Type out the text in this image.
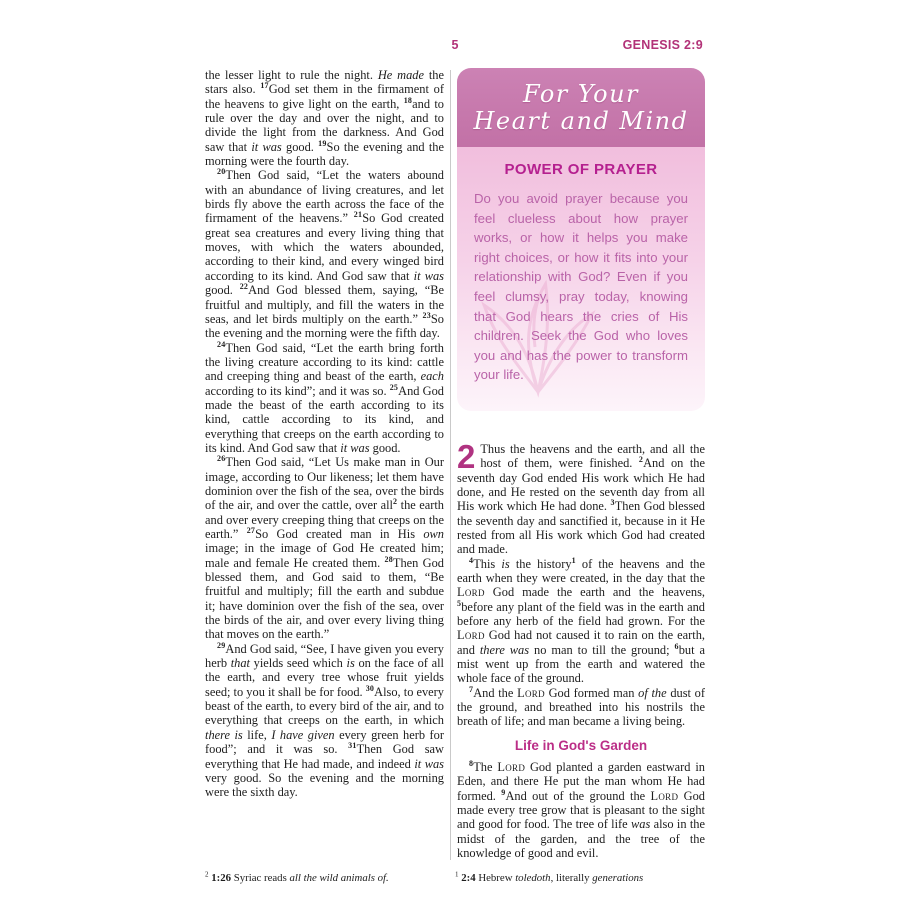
5	GENESIS 2:9

the lesser light to rule the night. He made the stars also. $^{17}$God set them in the firmament of the heavens to give light on the earth, $^{18}$and to rule over the day and over the night, and to divide the light from the darkness. And God saw that it was good. $^{19}$So the evening and the morning were the fourth day.

$^{20}$Then God said, “Let the waters abound with an abundance of living creatures, and let birds fly above the earth across the face of the firmament of the heavens.” $^{21}$So God created great sea creatures and every living thing that moves, with which the waters abounded, according to their kind, and every winged bird according to its kind. And God saw that it was good. $^{22}$And God blessed them, saying, “Be fruitful and multiply, and fill the waters in the seas, and let birds multiply on the earth.” $^{23}$So the evening and the morning were the fifth day.

$^{24}$Then God said, “Let the earth bring forth the living creature according to its kind: cattle and creeping thing and beast of the earth, each according to its kind”; and it was so. $^{25}$And God made the beast of the earth according to its kind, cattle according to its kind, and everything that creeps on the earth according to its kind. And God saw that it was good.

$^{26}$Then God said, “Let Us make man in Our image, according to Our likeness; let them have dominion over the fish of the sea, over the birds of the air, and over the cattle, over all$^2$ the earth and over every creeping thing that creeps on the earth.” $^{27}$So God created man in His own image; in the image of God He created him; male and female He created them. $^{28}$Then God blessed them, and God said to them, “Be fruitful and multiply; fill the earth and subdue it; have dominion over the fish of the sea, over the birds of the air, and over every living thing that moves on the earth.”

$^{29}$And God said, “See, I have given you every herb that yields seed which is on the face of all the earth, and every tree whose fruit yields seed; to you it shall be for food. $^{30}$Also, to every beast of the earth, to every bird of the air, and to everything that creeps on the earth, in which there is life, I have given every green herb for food”; and it was so. $^{31}$Then God saw everything that He had made, and indeed it was very good. So the evening and the morning were the sixth day.

For Your
Heart and Mind
POWER OF PRAYER
Do you avoid prayer because you feel clueless about how prayer works, or how it helps you make right choices, or how it fits into your relationship with God? Even if you feel clumsy, pray today, knowing that God hears the cries of His children. Seek the God who loves you and has the power to transform your life.

2 Thus the heavens and the earth, and all the host of them, were finished. $^2$And on the seventh day God ended His work which He had done, and He rested on the seventh day from all His work which He had done. $^3$Then God blessed the seventh day and sanctified it, because in it He rested from all His work which God had created and made.

$^4$This is the history$^1$ of the heavens and the earth when they were created, in the day that the Lord God made the earth and the heavens, $^5$before any plant of the field was in the earth and before any herb of the field had grown. For the Lord God had not caused it to rain on the earth, and there was no man to till the ground; $^6$but a mist went up from the earth and watered the whole face of the ground.

$^7$And the Lord God formed man of the dust of the ground, and breathed into his nostrils the breath of life; and man became a living being.

Life in God's Garden

$^8$The Lord God planted a garden eastward in Eden, and there He put the man whom He had formed. $^9$And out of the ground the Lord God made every tree grow that is pleasant to the sight and good for food. The tree of life was also in the midst of the garden, and the tree of the knowledge of good and evil.

$^2$ 1:26 Syriac reads all the wild animals of.	$^1$ 2:4 Hebrew toledoth, literally generations
